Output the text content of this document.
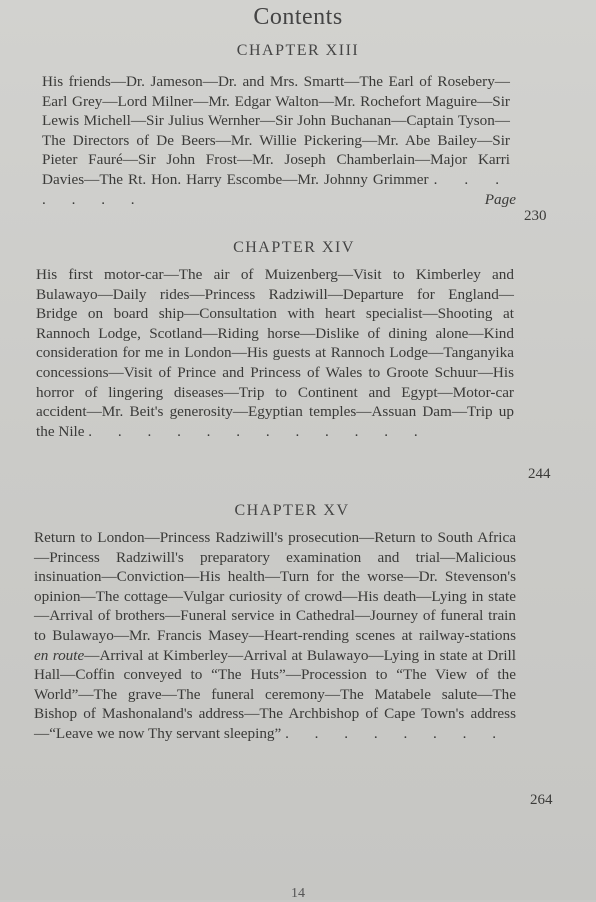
Contents
CHAPTER XIII
His friends—Dr. Jameson—Dr. and Mrs. Smartt—The Earl of Rosebery—Earl Grey—Lord Milner—Mr. Edgar Walton—Mr. Rochefort Maguire—Sir Lewis Michell—Sir Julius Wernher—Sir John Buchanan—Captain Tyson—The Directors of De Beers—Mr. Willie Pickering—Mr. Abe Bailey—Sir Pieter Fauré—Sir John Frost—Mr. Joseph Chamberlain—Major Karri Davies—The Rt. Hon. Harry Escombe—Mr. Johnny Grimmer . . . . . . .	Page
230
CHAPTER XIV
His first motor-car—The air of Muizenberg—Visit to Kimberley and Bulawayo—Daily rides—Princess Radziwill—Departure for England—Bridge on board ship—Consultation with heart specialist—Shooting at Rannoch Lodge, Scotland—Riding horse—Dislike of dining alone—Kind consideration for me in London—His guests at Rannoch Lodge—Tanganyika concessions—Visit of Prince and Princess of Wales to Groote Schuur—His horror of lingering diseases—Trip to Continent and Egypt—Motor-car accident—Mr. Beit's generosity—Egyptian temples—Assuan Dam—Trip up the Nile . . . . . . . . . . . .
244
CHAPTER XV
Return to London—Princess Radziwill's prosecution—Return to South Africa—Princess Radziwill's preparatory examination and trial—Malicious insinuation—Conviction—His health—Turn for the worse—Dr. Stevenson's opinion—The cottage—Vulgar curiosity of crowd—His death—Lying in state—Arrival of brothers—Funeral service in Cathedral—Journey of funeral train to Bulawayo—Mr. Francis Masey—Heart-rending scenes at railway-stations en route—Arrival at Kimberley—Arrival at Bulawayo—Lying in state at Drill Hall—Coffin conveyed to “The Huts”—Procession to “The View of the World”—The grave—The funeral ceremony—The Matabele salute—The Bishop of Mashonaland's address—The Archbishop of Cape Town's address—“Leave we now Thy servant sleeping” . . . . . . . .
264
14
